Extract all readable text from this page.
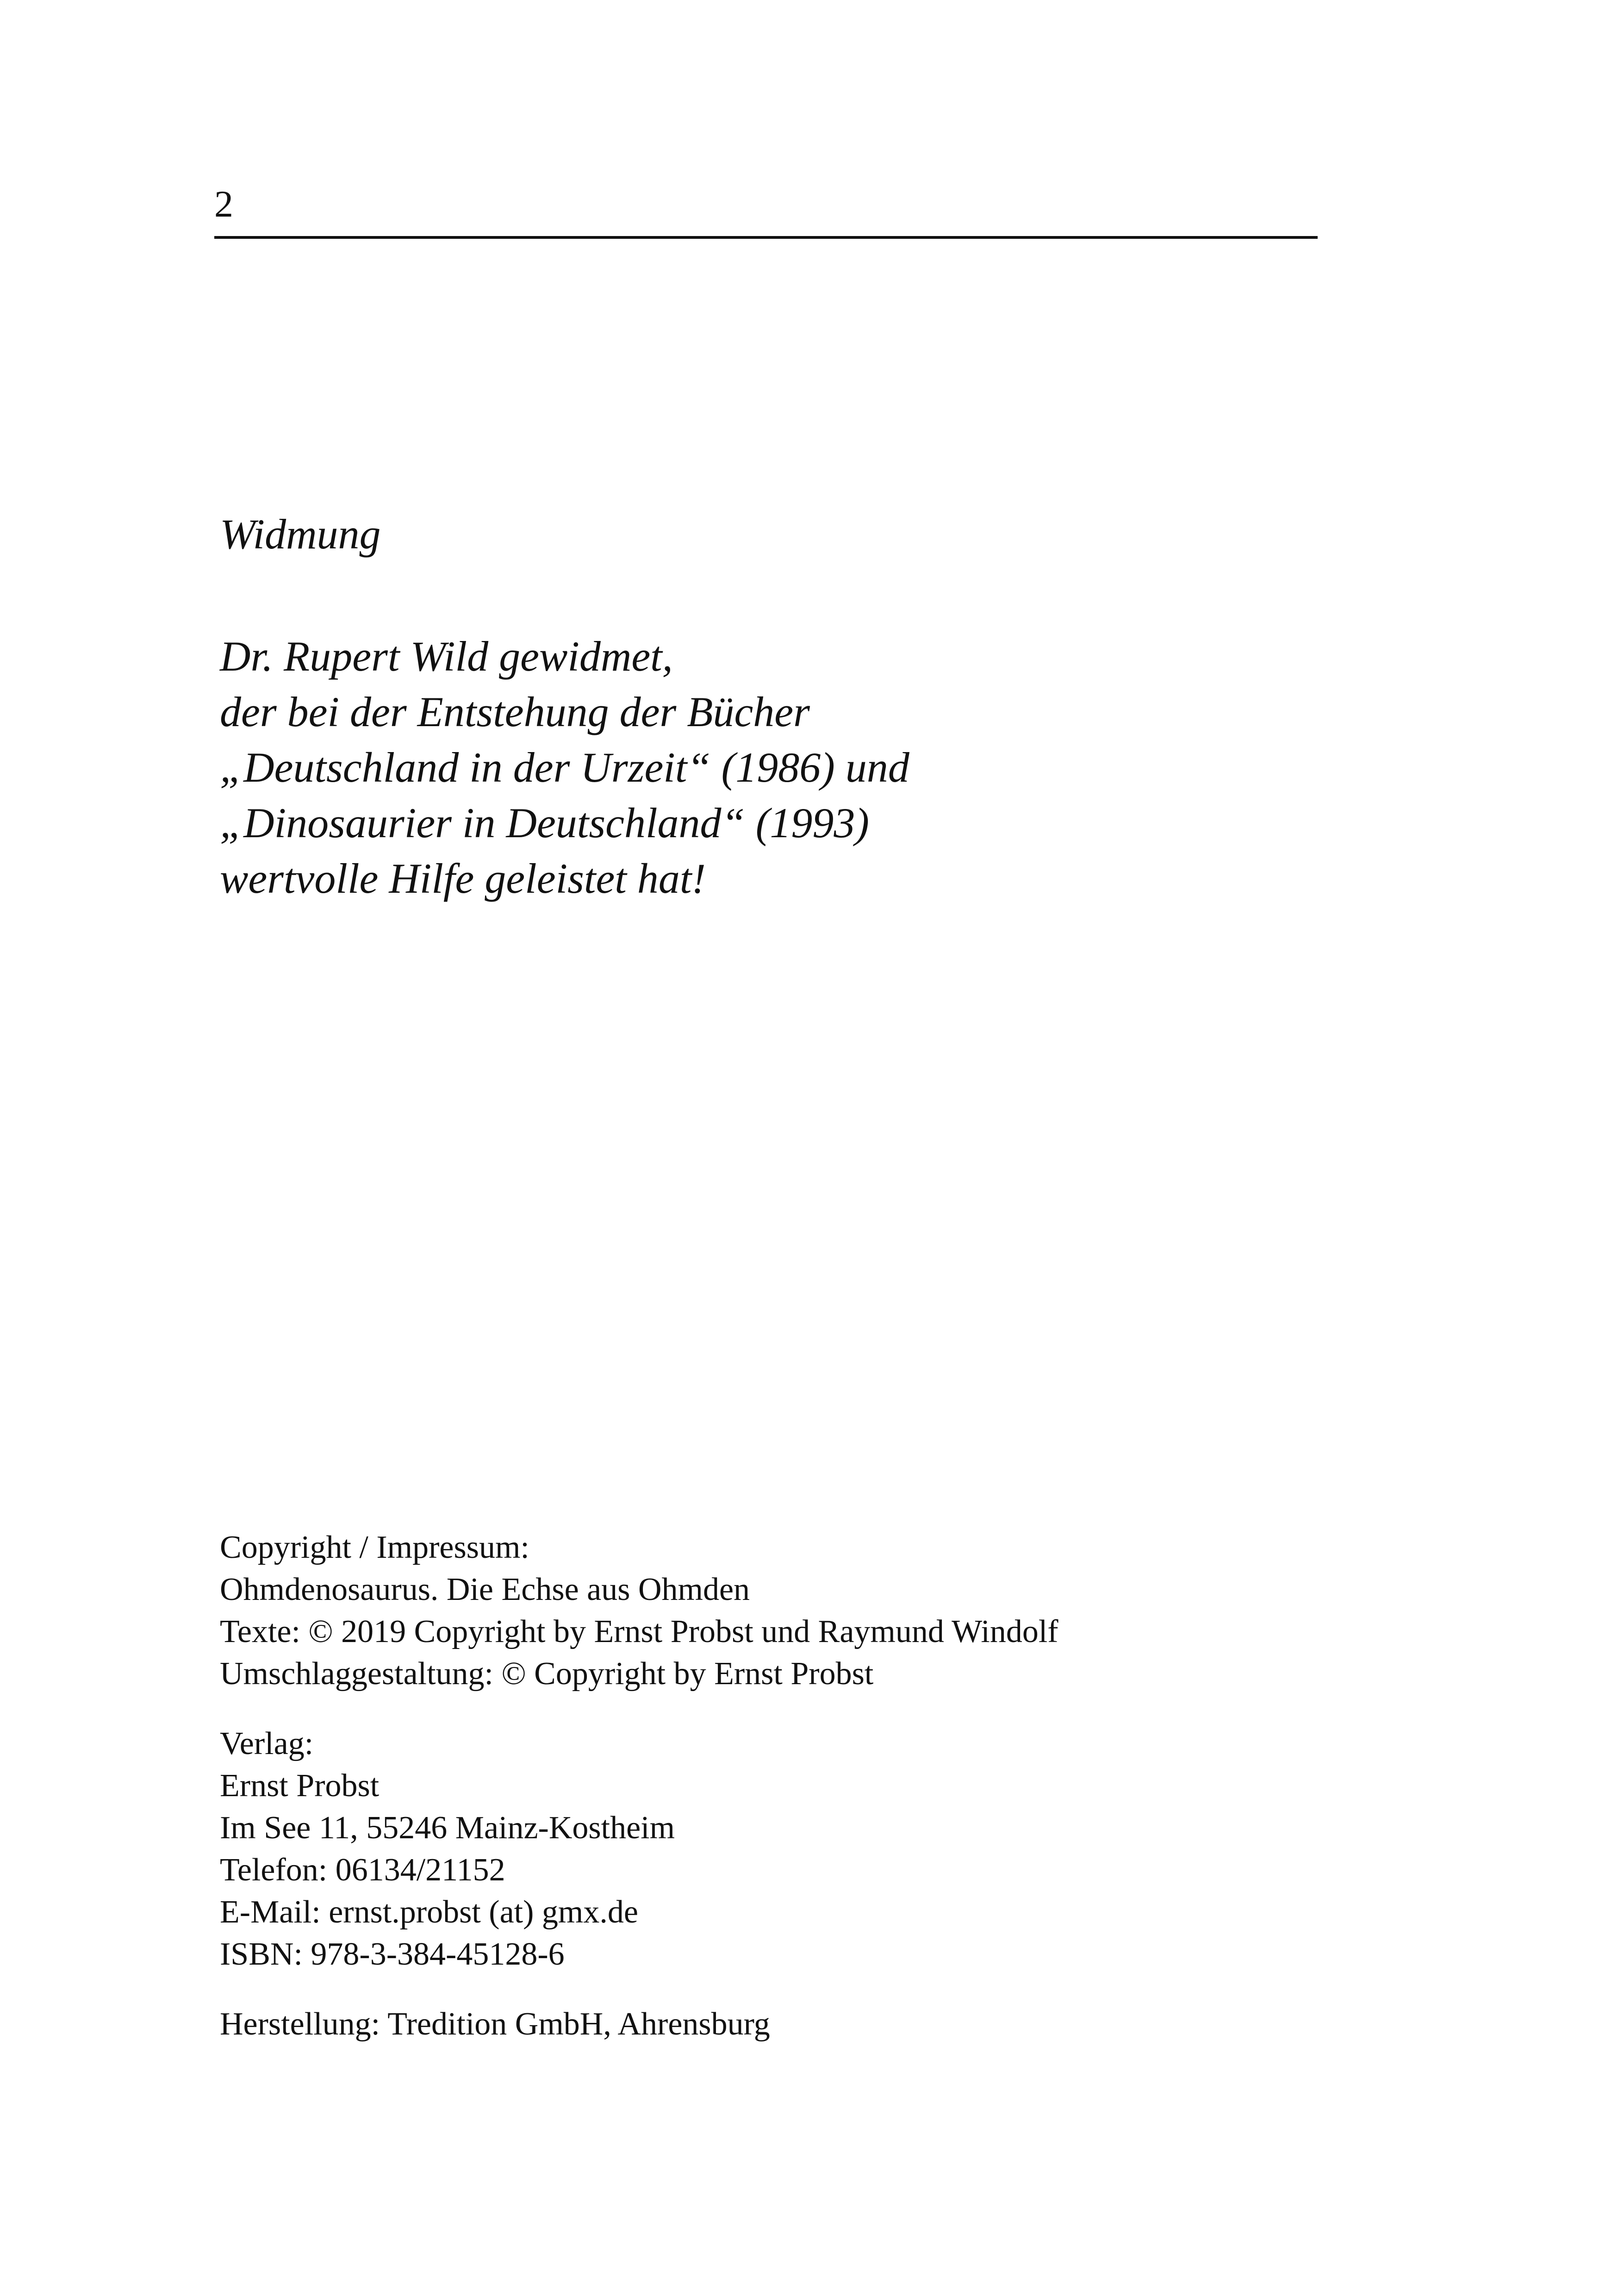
2
Widmung
Dr. Rupert Wild gewidmet,
der bei der Entstehung der Bücher
„Deutschland in der Urzeit“ (1986) und
„Dinosaurier in Deutschland“ (1993)
wertvolle Hilfe geleistet hat!
Copyright / Impressum:
Ohmdenosaurus. Die Echse aus Ohmden
Texte: © 2019 Copyright by Ernst Probst und Raymund Windolf
Umschlaggestaltung: © Copyright by Ernst Probst
Verlag:
Ernst Probst
Im See 11, 55246 Mainz-Kostheim
Telefon: 06134/21152
E-Mail: ernst.probst (at) gmx.de
ISBN: 978-3-384-45128-6
Herstellung: Tredition GmbH, Ahrensburg
